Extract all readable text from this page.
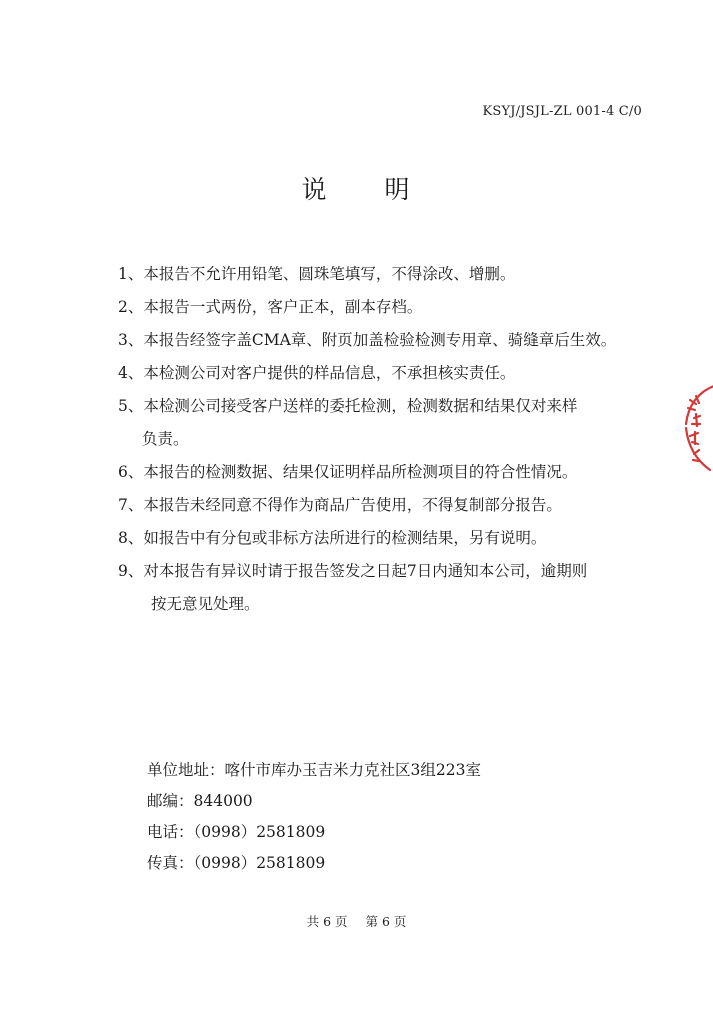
KSYJ/JSJL-ZL 001-4 C/0
说 明
1、本报告不允许用铅笔、圆珠笔填写，不得涂改、增删。
2、本报告一式两份，客户正本，副本存档。
3、本报告经签字盖CMA章、附页加盖检验检测专用章、骑缝章后生效。
4、本检测公司对客户提供的样品信息，不承担核实责任。
5、本检测公司接受客户送样的委托检测，检测数据和结果仅对来样
负责。
6、本报告的检测数据、结果仅证明样品所检测项目的符合性情况。
7、本报告未经同意不得作为商品广告使用，不得复制部分报告。
8、如报告中有分包或非标方法所进行的检测结果，另有说明。
9、对本报告有异议时请于报告签发之日起7日内通知本公司，逾期则
按无意见处理。
单位地址：喀什市库办玉吉米力克社区3组223室
邮编：844000
电话：（0998）2581809
传真：（0998）2581809
共 6 页 第 6 页
